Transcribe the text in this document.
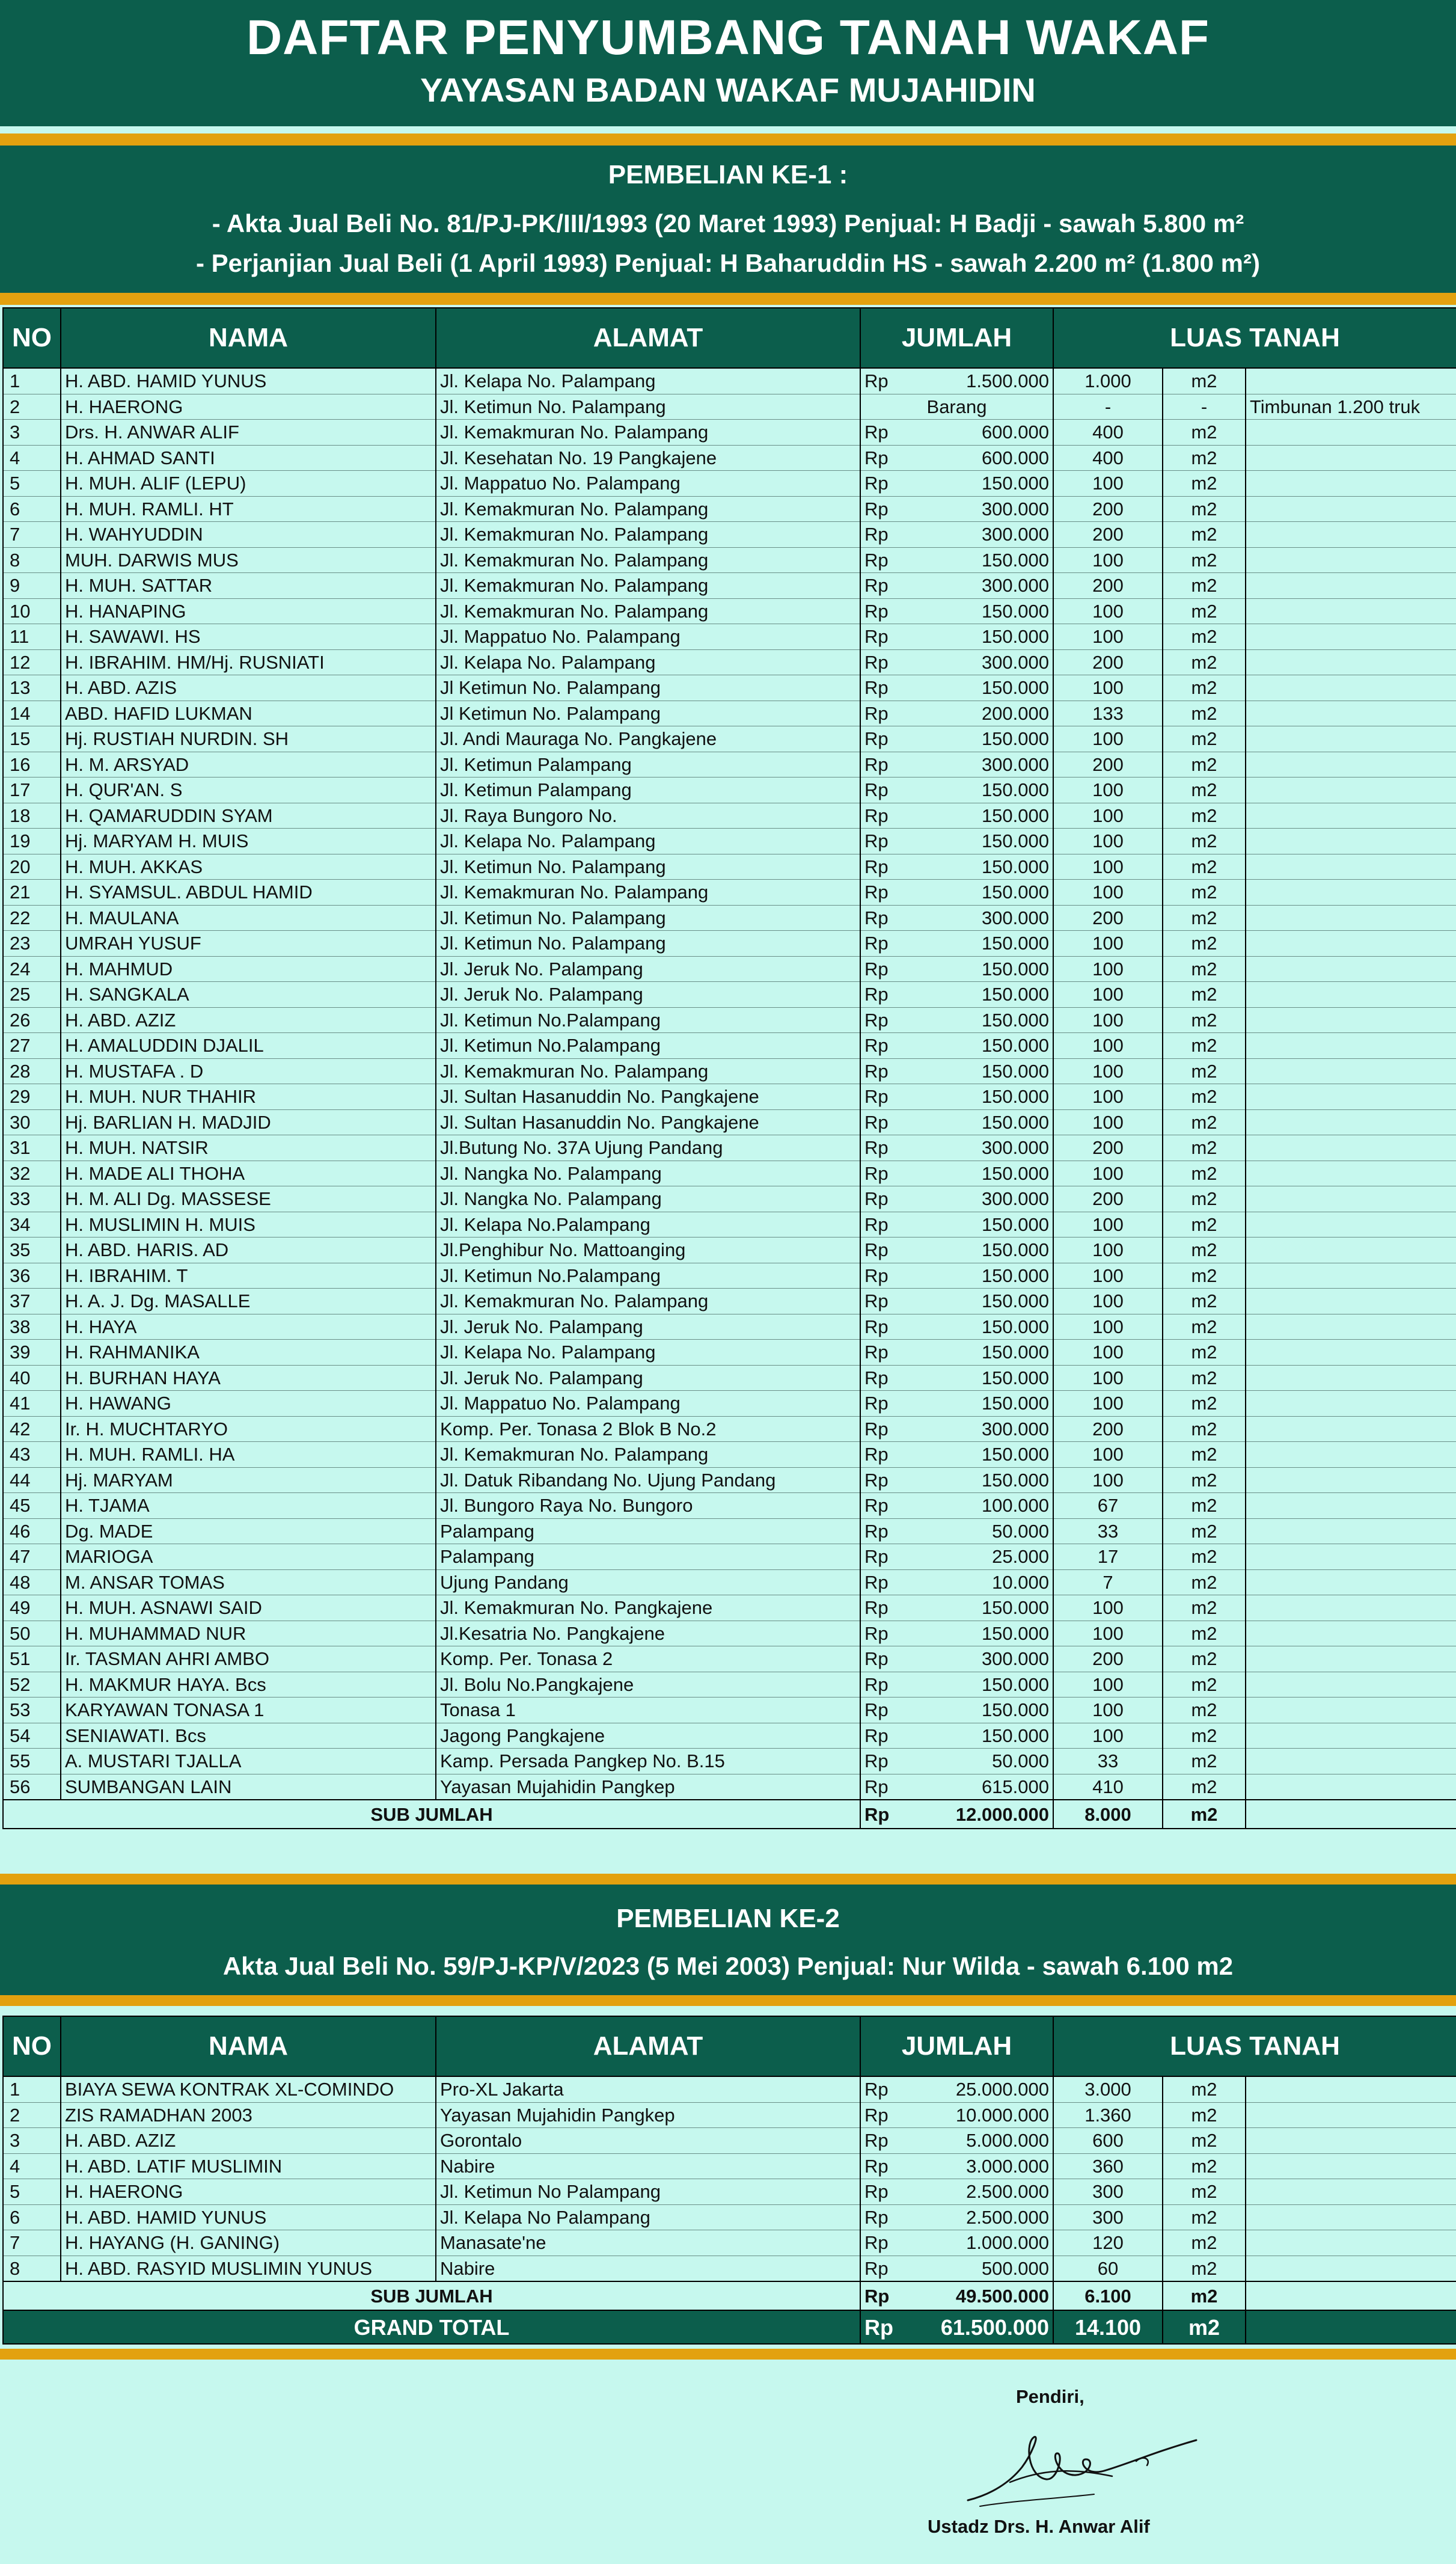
DAFTAR PENYUMBANG TANAH WAKAF
YAYASAN BADAN WAKAF MUJAHIDIN
PEMBELIAN KE-1 :
- Akta Jual Beli No. 81/PJ-PK/III/1993 (20 Maret 1993) Penjual: H Badji - sawah 5.800 m²
- Perjanjian Jual Beli (1 April 1993) Penjual: H Baharuddin HS - sawah 2.200 m² (1.800 m²)
NO	NAMA	ALAMAT	JUMLAH	LUAS TANAH		
1	H. ABD. HAMID YUNUS	Jl. Kelapa No. Palampang	Rp 1.500.000	1.000	m2	
2	H. HAERONG	Jl. Ketimun No. Palampang	Barang	-	-	Timbunan 1.200 truk
3	Drs. H. ANWAR ALIF	Jl. Kemakmuran No. Palampang	Rp 600.000	400	m2	
4	H. AHMAD SANTI	Jl. Kesehatan No. 19 Pangkajene	Rp 600.000	400	m2	
5	H. MUH. ALIF (LEPU)	Jl. Mappatuo No. Palampang	Rp 150.000	100	m2	
6	H. MUH. RAMLI. HT	Jl. Kemakmuran No. Palampang	Rp 300.000	200	m2	
7	H. WAHYUDDIN	Jl. Kemakmuran No. Palampang	Rp 300.000	200	m2	
8	MUH. DARWIS MUS	Jl. Kemakmuran No. Palampang	Rp 150.000	100	m2	
9	H. MUH. SATTAR	Jl. Kemakmuran No. Palampang	Rp 300.000	200	m2	
10	H. HANAPING	Jl. Kemakmuran No. Palampang	Rp 150.000	100	m2	
11	H. SAWAWI. HS	Jl. Mappatuo No. Palampang	Rp 150.000	100	m2	
12	H. IBRAHIM. HM/Hj. RUSNIATI	Jl. Kelapa No. Palampang	Rp 300.000	200	m2	
13	H. ABD. AZIS	Jl Ketimun No. Palampang	Rp 150.000	100	m2	
14	ABD. HAFID LUKMAN	Jl Ketimun No. Palampang	Rp 200.000	133	m2	
15	Hj. RUSTIAH NURDIN. SH	Jl. Andi Mauraga No. Pangkajene	Rp 150.000	100	m2	
16	H. M. ARSYAD	Jl. Ketimun Palampang	Rp 300.000	200	m2	
17	H. QUR'AN. S	Jl. Ketimun Palampang	Rp 150.000	100	m2	
18	H. QAMARUDDIN SYAM	Jl. Raya Bungoro No.	Rp 150.000	100	m2	
19	Hj. MARYAM H. MUIS	Jl. Kelapa No. Palampang	Rp 150.000	100	m2	
20	H. MUH. AKKAS	Jl. Ketimun No. Palampang	Rp 150.000	100	m2	
21	H. SYAMSUL. ABDUL HAMID	Jl. Kemakmuran No. Palampang	Rp 150.000	100	m2	
22	H. MAULANA	Jl. Ketimun No. Palampang	Rp 300.000	200	m2	
23	UMRAH YUSUF	Jl. Ketimun No. Palampang	Rp 150.000	100	m2	
24	H. MAHMUD	Jl. Jeruk No. Palampang	Rp 150.000	100	m2	
25	H. SANGKALA	Jl. Jeruk No. Palampang	Rp 150.000	100	m2	
26	H. ABD. AZIZ	Jl. Ketimun No.Palampang	Rp 150.000	100	m2	
27	H. AMALUDDIN DJALIL	Jl. Ketimun No.Palampang	Rp 150.000	100	m2	
28	H. MUSTAFA . D	Jl. Kemakmuran No. Palampang	Rp 150.000	100	m2	
29	H. MUH. NUR THAHIR	Jl. Sultan Hasanuddin No. Pangkajene	Rp 150.000	100	m2	
30	Hj. BARLIAN H. MADJID	Jl. Sultan Hasanuddin No. Pangkajene	Rp 150.000	100	m2	
31	H. MUH. NATSIR	Jl.Butung No. 37A Ujung Pandang	Rp 300.000	200	m2	
32	H. MADE ALI THOHA	Jl. Nangka No. Palampang	Rp 150.000	100	m2	
33	H. M. ALI Dg. MASSESE	Jl. Nangka No. Palampang	Rp 300.000	200	m2	
34	H. MUSLIMIN H. MUIS	Jl. Kelapa No.Palampang	Rp 150.000	100	m2	
35	H. ABD. HARIS. AD	Jl.Penghibur No. Mattoanging	Rp 150.000	100	m2	
36	H. IBRAHIM. T	Jl. Ketimun No.Palampang	Rp 150.000	100	m2	
37	H. A. J. Dg. MASALLE	Jl. Kemakmuran No. Palampang	Rp 150.000	100	m2	
38	H. HAYA	Jl. Jeruk No. Palampang	Rp 150.000	100	m2	
39	H. RAHMANIKA	Jl. Kelapa No. Palampang	Rp 150.000	100	m2	
40	H. BURHAN HAYA	Jl. Jeruk No. Palampang	Rp 150.000	100	m2	
41	H. HAWANG	Jl. Mappatuo No. Palampang	Rp 150.000	100	m2	
42	Ir. H. MUCHTARYO	Komp. Per. Tonasa 2 Blok B No.2	Rp 300.000	200	m2	
43	H. MUH. RAMLI. HA	Jl. Kemakmuran No. Palampang	Rp 150.000	100	m2	
44	Hj. MARYAM	Jl. Datuk Ribandang No. Ujung Pandang	Rp 150.000	100	m2	
45	H. TJAMA	Jl. Bungoro Raya No. Bungoro	Rp 100.000	67	m2	
46	Dg. MADE	Palampang	Rp 50.000	33	m2	
47	MARIOGA	Palampang	Rp 25.000	17	m2	
48	M. ANSAR TOMAS	Ujung Pandang	Rp 10.000	7	m2	
49	H. MUH. ASNAWI SAID	Jl. Kemakmuran No. Pangkajene	Rp 150.000	100	m2	
50	H. MUHAMMAD NUR	Jl.Kesatria No. Pangkajene	Rp 150.000	100	m2	
51	Ir. TASMAN AHRI AMBO	Komp. Per. Tonasa 2	Rp 300.000	200	m2	
52	H. MAKMUR HAYA. Bcs	Jl. Bolu No.Pangkajene	Rp 150.000	100	m2	
53	KARYAWAN TONASA 1	Tonasa 1	Rp 150.000	100	m2	
54	SENIAWATI. Bcs	Jagong Pangkajene	Rp 150.000	100	m2	
55	A. MUSTARI TJALLA	Kamp. Persada Pangkep No. B.15	Rp 50.000	33	m2	
56	SUMBANGAN LAIN	Yayasan Mujahidin Pangkep	Rp 615.000	410	m2	
SUB JUMLAH			Rp 12.000.000	8.000	m2	
PEMBELIAN KE-2
Akta Jual Beli No. 59/PJ-KP/V/2023 (5 Mei 2003) Penjual: Nur Wilda - sawah 6.100 m2
NO	NAMA	ALAMAT	JUMLAH	LUAS TANAH		
1	BIAYA SEWA KONTRAK XL-COMINDO	Pro-XL Jakarta	Rp 25.000.000	3.000	m2	
2	ZIS RAMADHAN 2003	Yayasan Mujahidin Pangkep	Rp 10.000.000	1.360	m2	
3	H. ABD. AZIZ	Gorontalo	Rp 5.000.000	600	m2	
4	H. ABD. LATIF MUSLIMIN	Nabire	Rp 3.000.000	360	m2	
5	H. HAERONG	Jl. Ketimun No Palampang	Rp 2.500.000	300	m2	
6	H. ABD. HAMID YUNUS	Jl. Kelapa No Palampang	Rp 2.500.000	300	m2	
7	H. HAYANG (H. GANING)	Manasate'ne	Rp 1.000.000	120	m2	
8	H. ABD. RASYID MUSLIMIN YUNUS	Nabire	Rp 500.000	60	m2	
SUB JUMLAH			Rp 49.500.000	6.100	m2	
GRAND TOTAL			Rp 61.500.000	14.100	m2	
Pendiri,
Ustadz Drs. H. Anwar Alif
